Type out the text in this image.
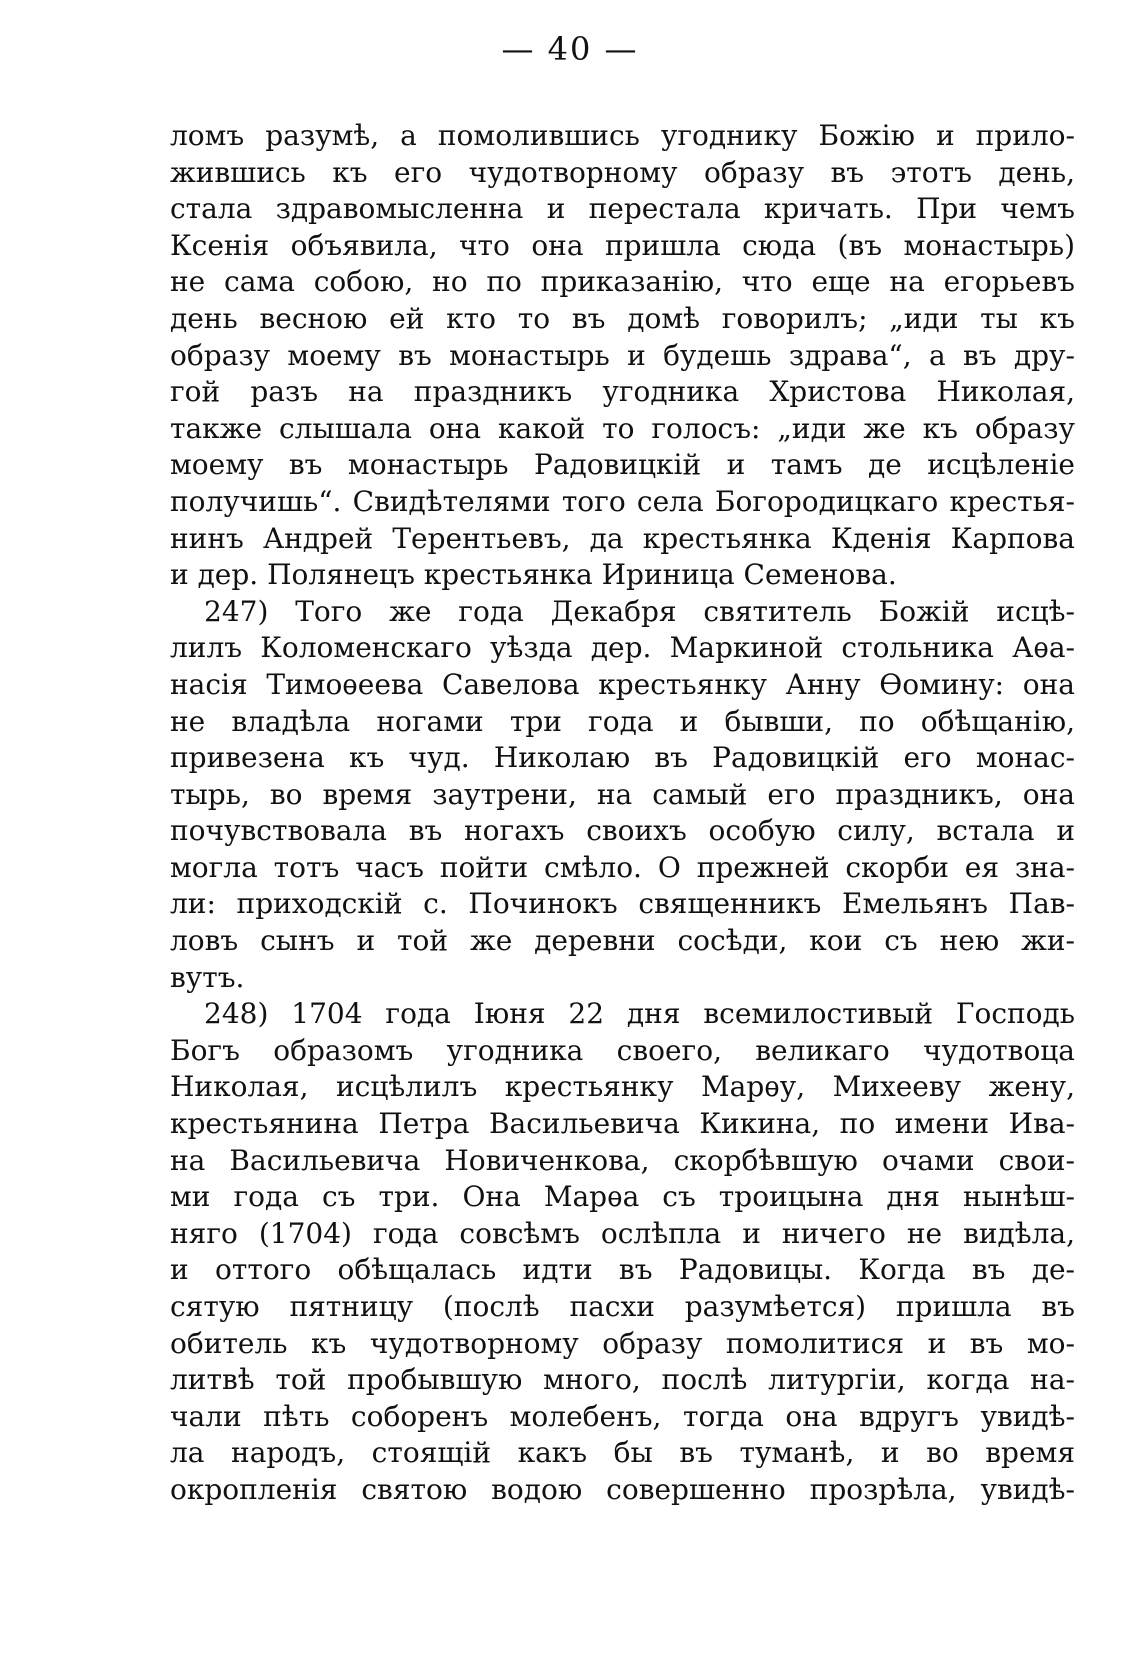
— 40 —
ломъ разумѣ, а помолившись угоднику Божію и прило-
жившись къ его чудотворному образу въ этотъ день,
стала здравомысленна и перестала кричать. При чемъ
Ксенія объявила, что она пришла сюда (въ монастырь)
не сама собою, но по приказанію, что еще на егорьевъ
день весною ей кто то въ домѣ говорилъ; „иди ты къ
образу моему въ монастырь и будешь здрава“, а въ дру-
гой разъ на праздникъ угодника Христова Николая,
также слышала она какой то голосъ: „иди же къ образу
моему въ монастырь Радовицкій и тамъ де исцѣленіе
получишь“. Свидѣтелями того села Богородицкаго крестья-
нинъ Андрей Терентьевъ, да крестьянка Кденія Карпова
и дер. Полянецъ крестьянка Ириница Семенова.
247) Того же года Декабря святитель Божій исцѣ-
лилъ Коломенскаго уѣзда дер. Маркиной стольника Аѳа-
насія Тимоѳеева Савелова крестьянку Анну Ѳомину: она
не владѣла ногами три года и бывши, по обѣщанію,
привезена къ чуд. Николаю въ Радовицкій его монас-
тырь, во время заутрени, на самый его праздникъ, она
почувствовала въ ногахъ своихъ особую силу, встала и
могла тотъ часъ пойти смѣло. О прежней скорби ея зна-
ли: приходскій с. Починокъ священникъ Емельянъ Пав-
ловъ сынъ и той же деревни сосѣди, кои съ нею жи-
вутъ.
248) 1704 года Іюня 22 дня всемилостивый Господь
Богъ образомъ угодника своего, великаго чудотвоца
Николая, исцѣлилъ крестьянку Марѳу, Михееву жену,
крестьянина Петра Васильевича Кикина, по имени Ива-
на Васильевича Новиченкова, скорбѣвшую очами свои-
ми года съ три. Она Марѳа съ троицына дня нынѣш-
няго (1704) года совсѣмъ ослѣпла и ничего не видѣла,
и оттого обѣщалась идти въ Радовицы. Когда въ де-
сятую пятницу (послѣ пасхи разумѣется) пришла въ
обитель къ чудотворному образу помолитися и въ мо-
литвѣ той пробывшую много, послѣ литургіи, когда на-
чали пѣть соборенъ молебенъ, тогда она вдругъ увидѣ-
ла народъ, стоящій какъ бы въ туманѣ, и во время
окропленія святою водою совершенно прозрѣла, увидѣ-
